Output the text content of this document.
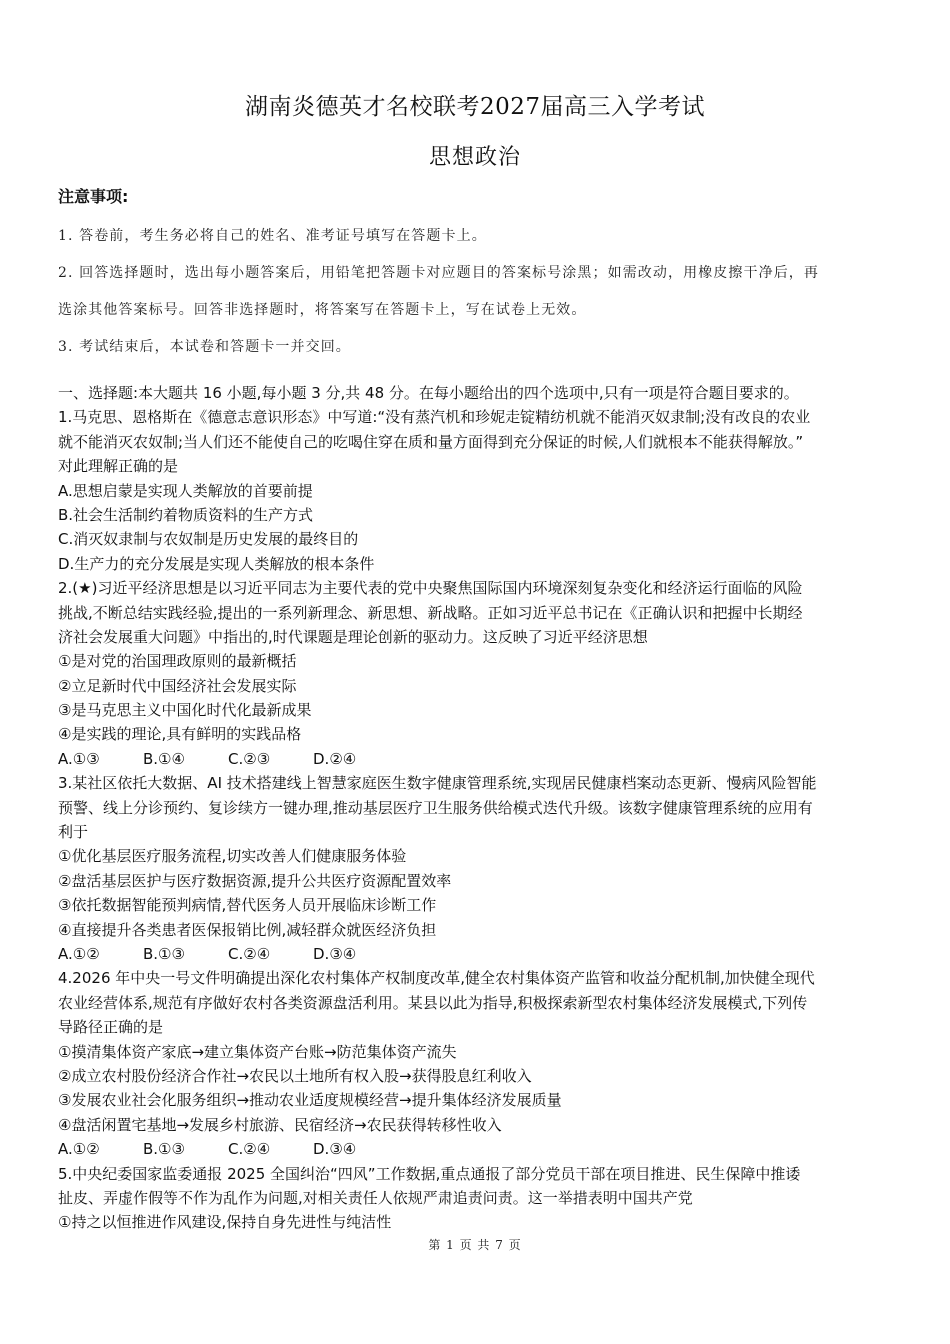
湖南炎德英才名校联考2027届高三入学考试
思想政治
注意事项:
1. 答卷前，考生务必将自己的姓名、准考证号填写在答题卡上。
2. 回答选择题时，选出每小题答案后，用铅笔把答题卡对应题目的答案标号涂黑；如需改动，用橡皮擦干净后，再
选涂其他答案标号。回答非选择题时，将答案写在答题卡上，写在试卷上无效。
3. 考试结束后，本试卷和答题卡一并交回。
一、选择题:本大题共 16 小题,每小题 3 分,共 48 分。在每小题给出的四个选项中,只有一项是符合题目要求的。
1.马克思、恩格斯在《德意志意识形态》中写道:“没有蒸汽机和珍妮走锭精纺机就不能消灭奴隶制;没有改良的农业
就不能消灭农奴制;当人们还不能使自己的吃喝住穿在质和量方面得到充分保证的时候,人们就根本不能获得解放。”
对此理解正确的是
A.思想启蒙是实现人类解放的首要前提
B.社会生活制约着物质资料的生产方式
C.消灭奴隶制与农奴制是历史发展的最终目的
D.生产力的充分发展是实现人类解放的根本条件
2.(★)习近平经济思想是以习近平同志为主要代表的党中央聚焦国际国内环境深刻复杂变化和经济运行面临的风险
挑战,不断总结实践经验,提出的一系列新理念、新思想、新战略。正如习近平总书记在《正确认识和把握中长期经
济社会发展重大问题》中指出的,时代课题是理论创新的驱动力。这反映了习近平经济思想
①是对党的治国理政原则的最新概括
②立足新时代中国经济社会发展实际
③是马克思主义中国化时代化最新成果
④是实践的理论,具有鲜明的实践品格
A.①③	B.①④	C.②③	D.②④
3.某社区依托大数据、AI 技术搭建线上智慧家庭医生数字健康管理系统,实现居民健康档案动态更新、慢病风险智能
预警、线上分诊预约、复诊续方一键办理,推动基层医疗卫生服务供给模式迭代升级。该数字健康管理系统的应用有
利于
①优化基层医疗服务流程,切实改善人们健康服务体验
②盘活基层医护与医疗数据资源,提升公共医疗资源配置效率
③依托数据智能预判病情,替代医务人员开展临床诊断工作
④直接提升各类患者医保报销比例,减轻群众就医经济负担
A.①②	B.①③	C.②④	D.③④
4.2026 年中央一号文件明确提出深化农村集体产权制度改革,健全农村集体资产监管和收益分配机制,加快健全现代
农业经营体系,规范有序做好农村各类资源盘活利用。某县以此为指导,积极探索新型农村集体经济发展模式,下列传
导路径正确的是
①摸清集体资产家底→建立集体资产台账→防范集体资产流失
②成立农村股份经济合作社→农民以土地所有权入股→获得股息红利收入
③发展农业社会化服务组织→推动农业适度规模经营→提升集体经济发展质量
④盘活闲置宅基地→发展乡村旅游、民宿经济→农民获得转移性收入
A.①②	B.①③	C.②④	D.③④
5.中央纪委国家监委通报 2025 全国纠治“四风”工作数据,重点通报了部分党员干部在项目推进、民生保障中推诿
扯皮、弄虚作假等不作为乱作为问题,对相关责任人依规严肃追责问责。这一举措表明中国共产党
①持之以恒推进作风建设,保持自身先进性与纯洁性
第 1 页 共 7 页
